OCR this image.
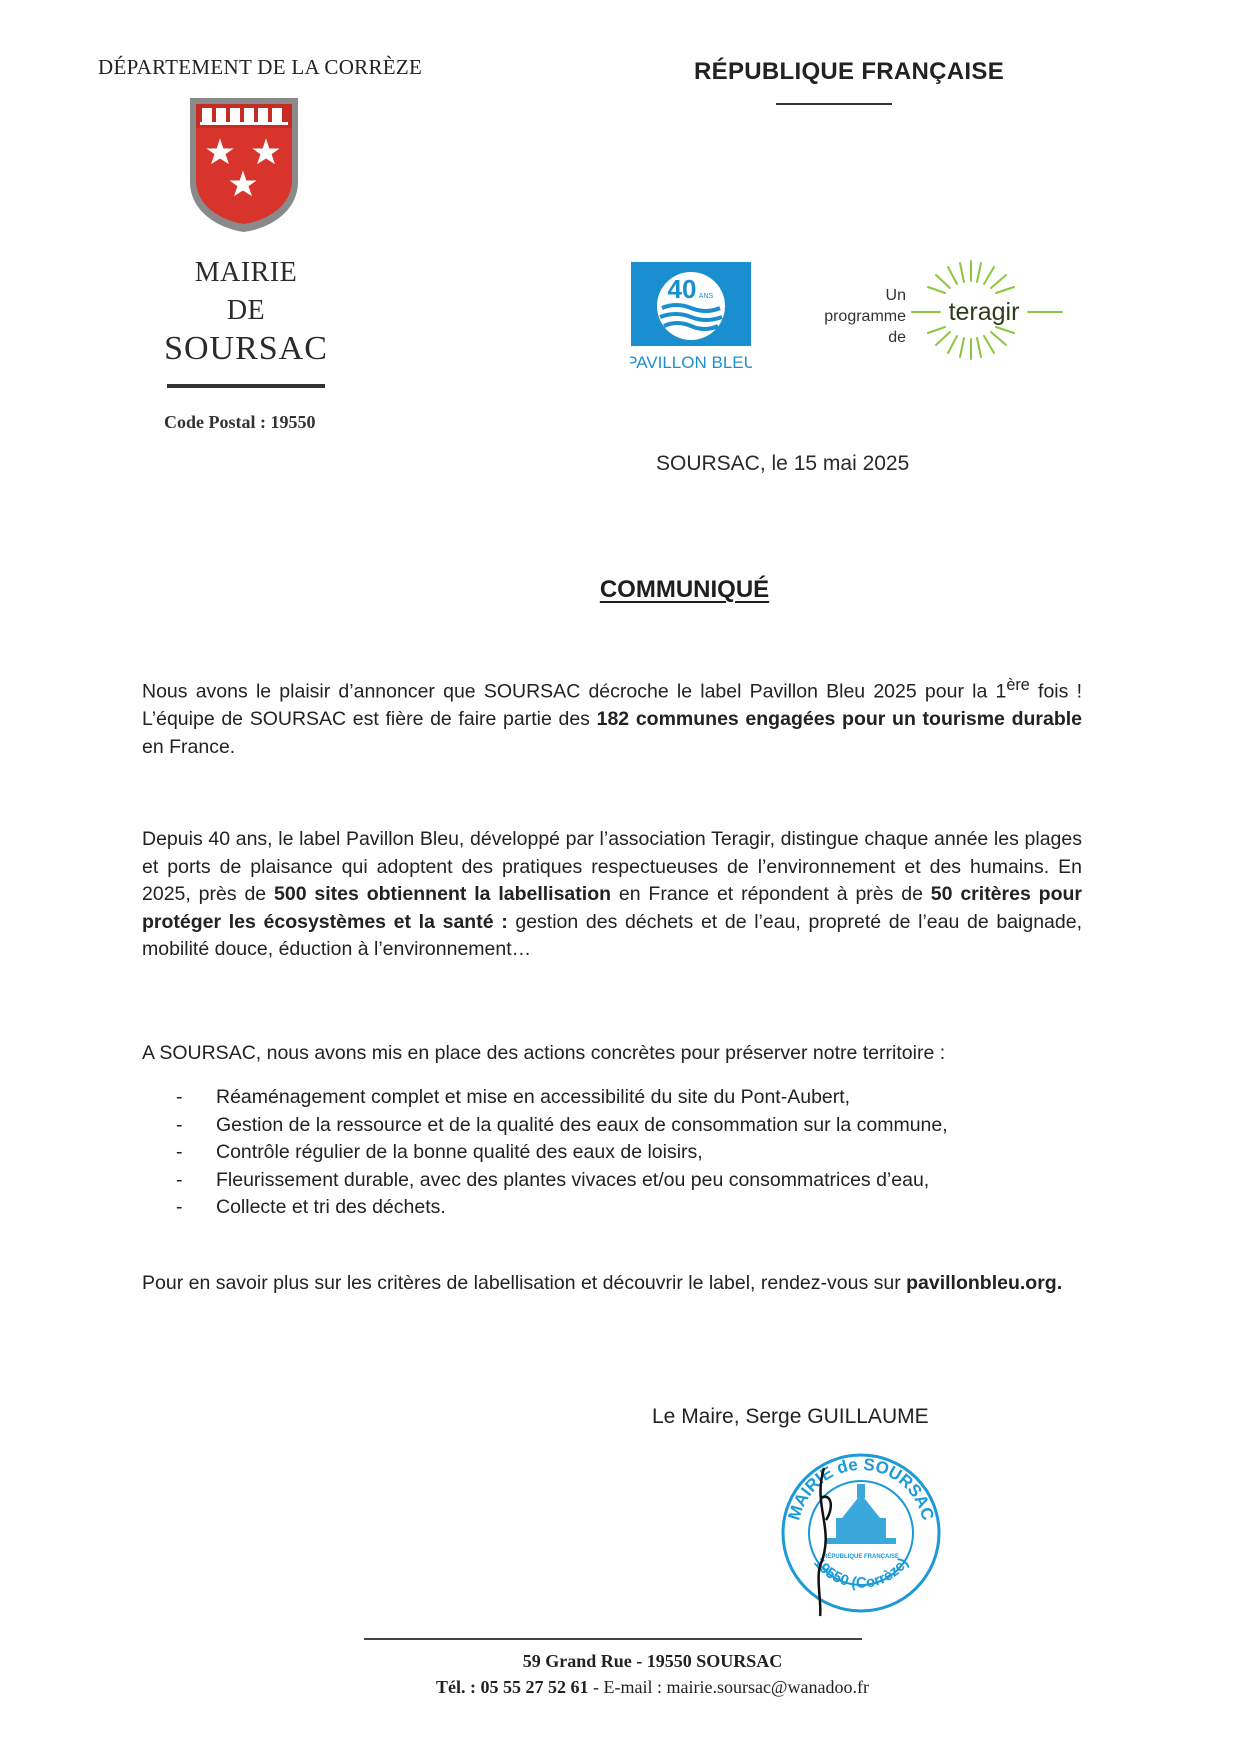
DÉPARTEMENT DE LA CORRÈZE
MAIRIE
DE
SOURSAC
Code Postal : 19550
RÉPUBLIQUE FRANÇAISE
40 ANS
PAVILLON BLEU
Un
programme
de
teragir
SOURSAC, le 15 mai 2025
COMMUNIQUÉ
Nous avons le plaisir d’annoncer que SOURSAC décroche le label Pavillon Bleu 2025 pour la 1ère fois ! L’équipe de SOURSAC est fière de faire partie des 182 communes engagées pour un tourisme durable en France.
Depuis 40 ans, le label Pavillon Bleu, développé par l’association Teragir, distingue chaque année les plages et ports de plaisance qui adoptent des pratiques respectueuses de l’environnement et des humains. En 2025, près de 500 sites obtiennent la labellisation en France et répondent à près de 50 critères pour protéger les écosystèmes et la santé : gestion des déchets et de l’eau, propreté de l’eau de baignade, mobilité douce, éduction à l’environnement…
A SOURSAC, nous avons mis en place des actions concrètes pour préserver notre territoire :
- Réaménagement complet et mise en accessibilité du site du Pont-Aubert,
- Gestion de la ressource et de la qualité des eaux de consommation sur la commune,
- Contrôle régulier de la bonne qualité des eaux de loisirs,
- Fleurissement durable, avec des plantes vivaces et/ou peu consommatrices d’eau,
- Collecte et tri des déchets.
Pour en savoir plus sur les critères de labellisation et découvrir le label, rendez-vous sur pavillonbleu.org.
Le Maire, Serge GUILLAUME
MAIRIE de SOURSAC
19550 (Corrèze)
RÉPUBLIQUE FRANÇAISE
59 Grand Rue - 19550 SOURSAC
Tél. : 05 55 27 52 61 - E-mail : mairie.soursac@wanadoo.fr
